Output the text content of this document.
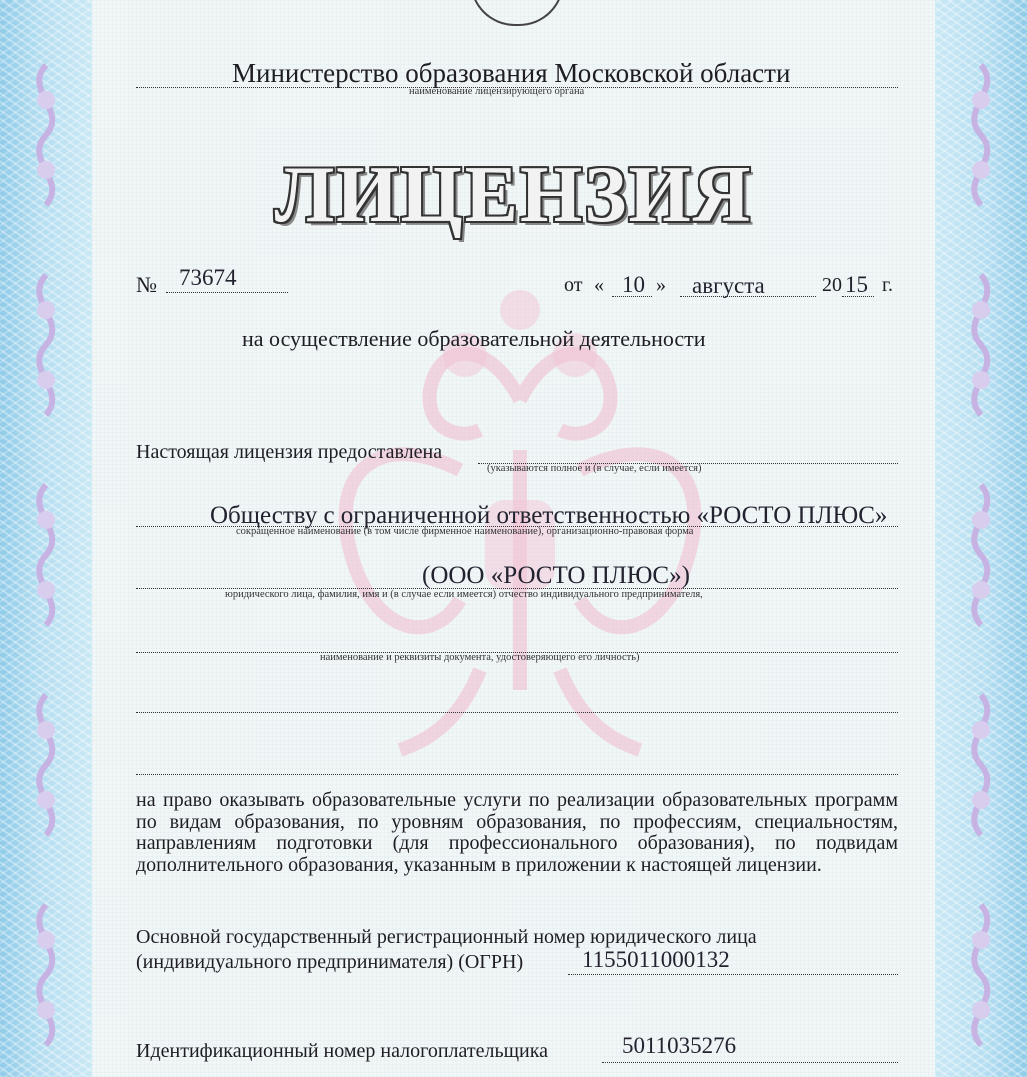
Министерство образования Московской области
наименование лицензирующего органа
ЛИЦЕНЗИЯ
№ 73674	от « 10 » августа	20 15 г.
на осуществление образовательной деятельности
Настоящая лицензия предоставлена
(указываются полное и (в случае, если имеется)
Обществу с ограниченной ответственностью «РОСТО ПЛЮС»
сокращенное наименование (в том числе фирменное наименование), организационно-правовая форма
(ООО «РОСТО ПЛЮС»)
юридического лица, фамилия, имя и (в случае если имеется) отчество индивидуального предпринимателя,
наименование и реквизиты документа, удостоверяющего его личность)
на право оказывать образовательные услуги по реализации образовательных программ по видам образования, по уровням образования, по профессиям, специальностям, направлениям подготовки (для профессионального образования), по подвидам дополнительного образования, указанным в приложении к настоящей лицензии.
Основной государственный регистрационный номер юридического лица
(индивидуального предпринимателя) (ОГРН)	1155011000132
Идентификационный номер налогоплательщика	5011035276
